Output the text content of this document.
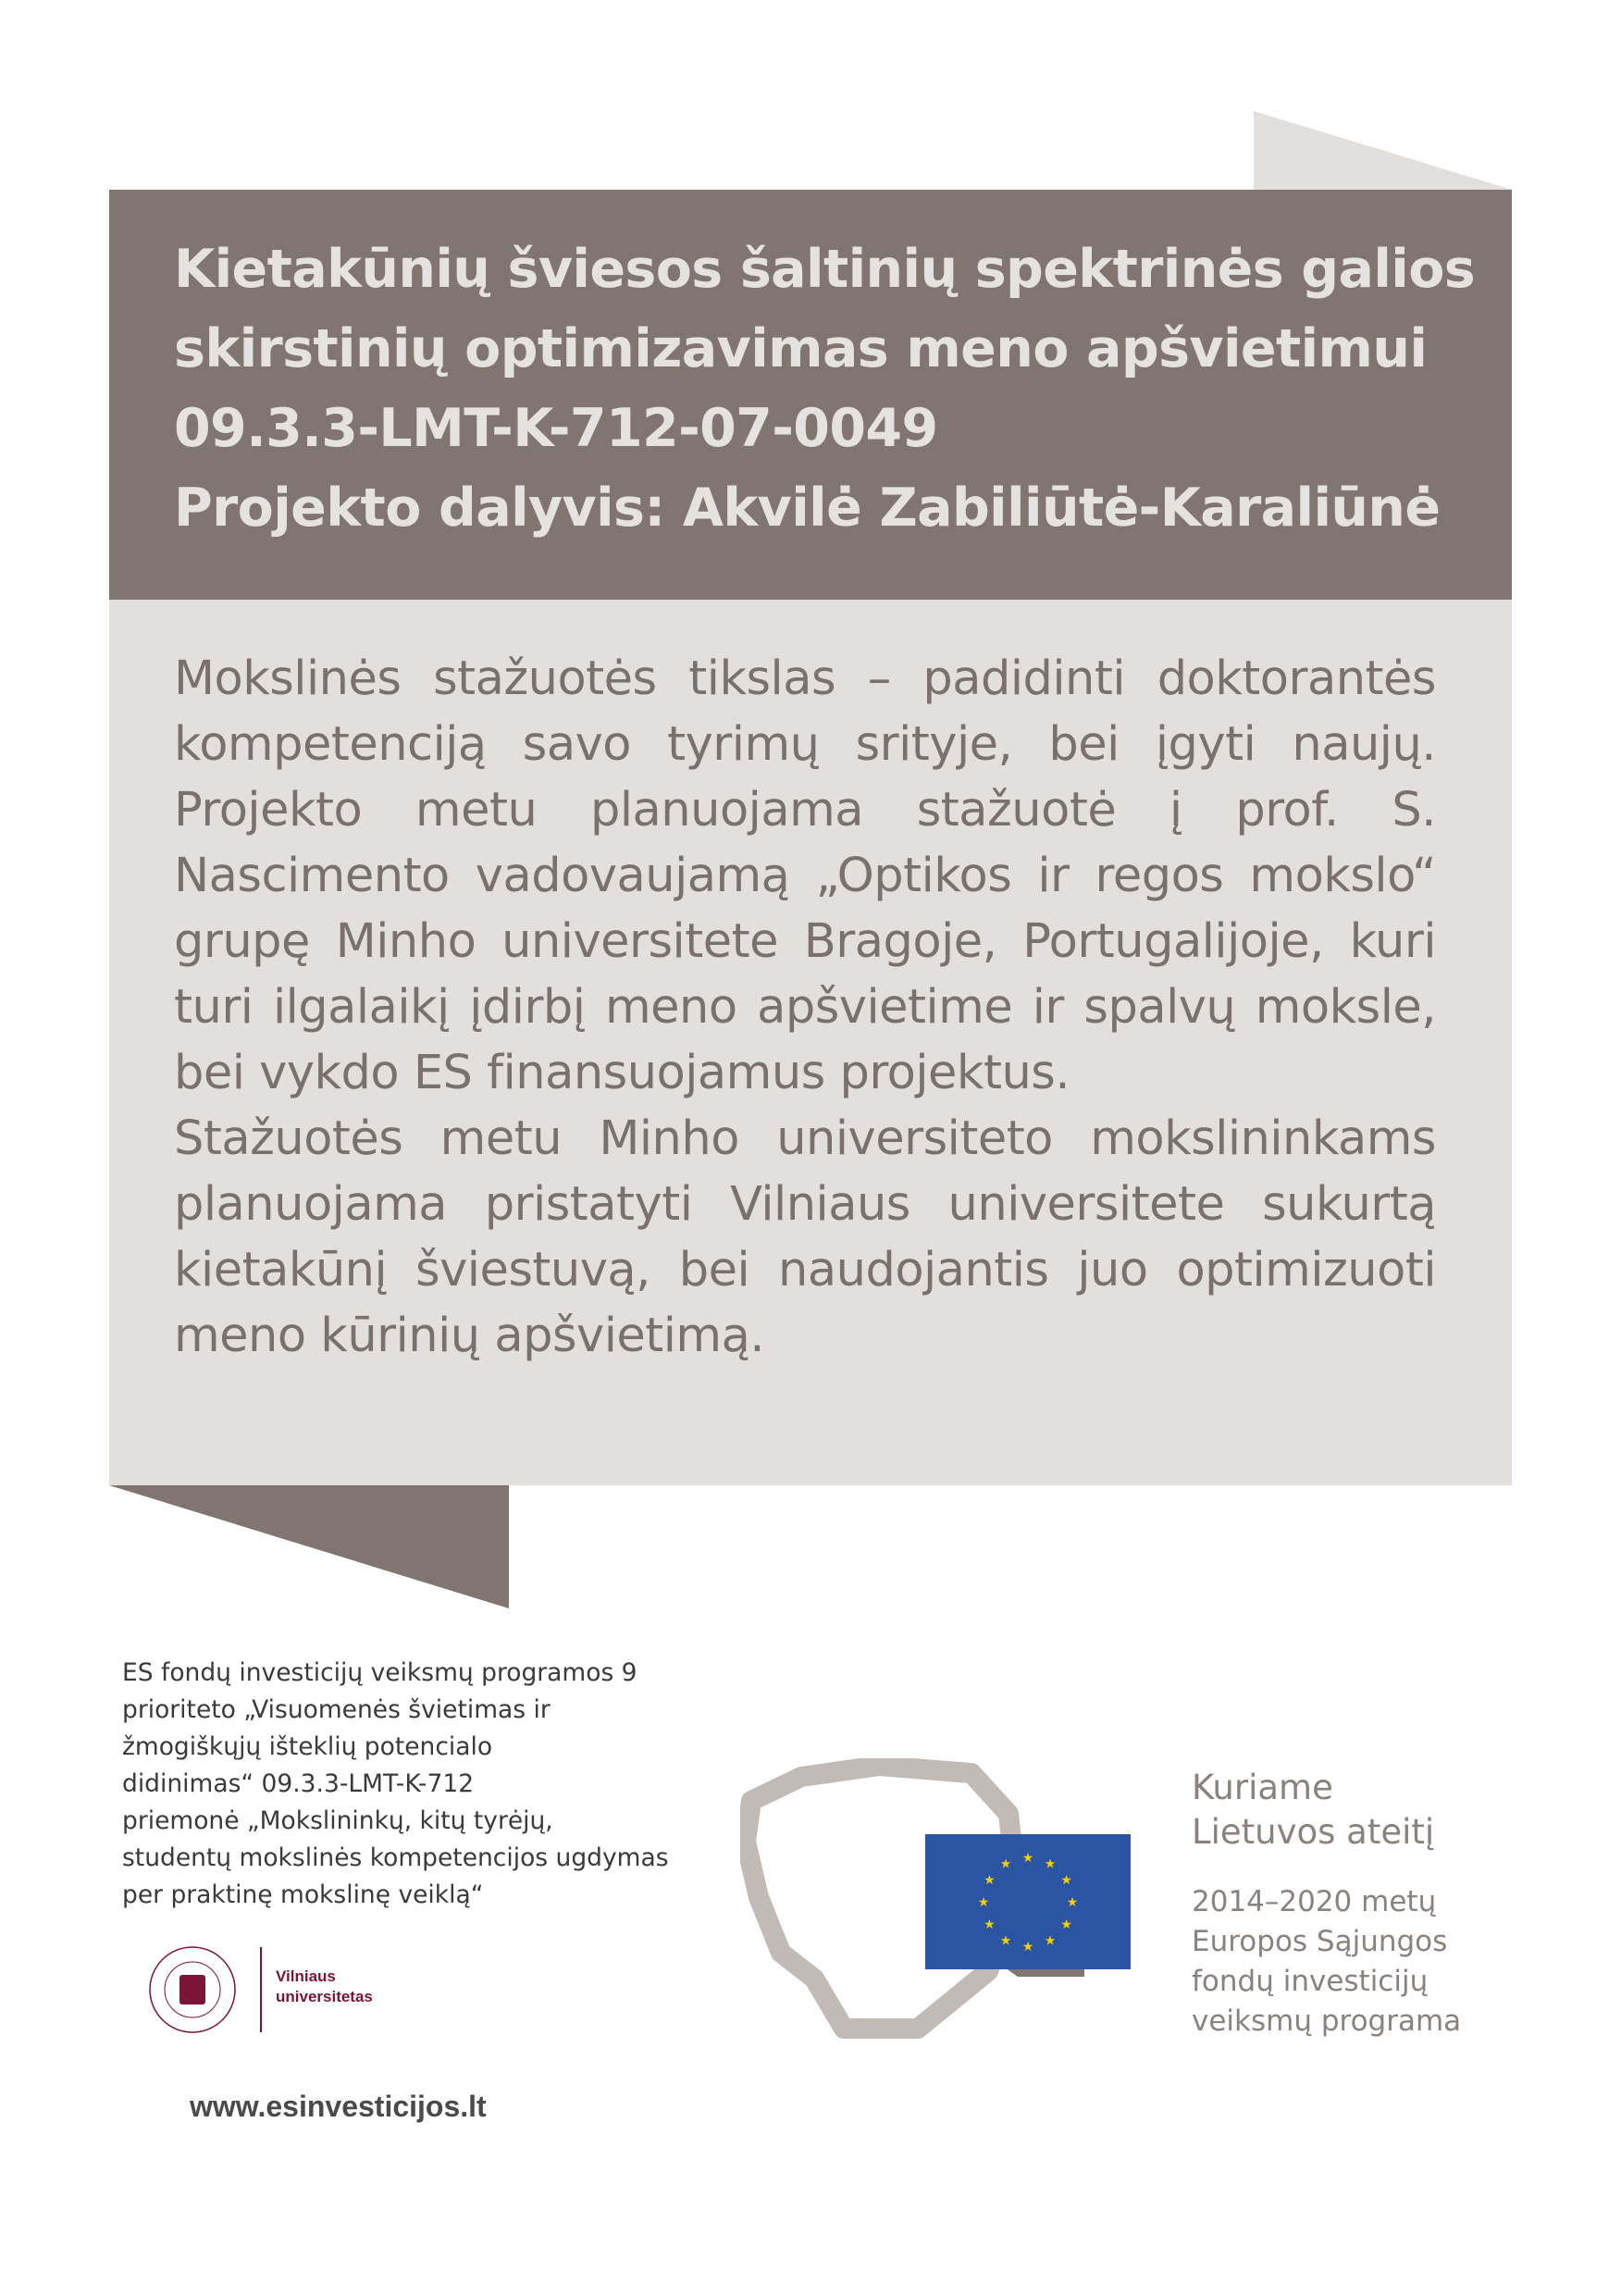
Kietakūnių šviesos šaltinių spektrinės galios
skirstinių optimizavimas meno apšvietimui
09.3.3-LMT-K-712-07-0049
Projekto dalyvis: Akvilė Zabiliūtė-Karaliūnė

Mokslinės stažuotės tikslas – padidinti doktorantės kompetenciją savo tyrimų srityje, bei įgyti naujų. Projekto metu planuojama stažuotė į prof. S. Nascimento vadovaujamą „Optikos ir regos mokslo“ grupę Minho universitete Bragoje, Portugalijoje, kuri turi ilgalaikį įdirbį meno apšvietime ir spalvų moksle, bei vykdo ES finansuojamus projektus.

Stažuotės metu Minho universiteto mokslininkams planuojama pristatyti Vilniaus universitete sukurtą kietakūnį šviestuvą, bei naudojantis juo optimizuoti meno kūrinių apšvietimą.

ES fondų investicijų veiksmų programos 9
prioriteto „Visuomenės švietimas ir
žmogiškųjų išteklių potencialo
didinimas“ 09.3.3-LMT-K-712
priemonė „Mokslininkų, kitų tyrėjų,
studentų mokslinės kompetencijos ugdymas
per praktinę mokslinę veiklą“
Vilniaus
universitetas
www.esinvesticijos.lt
★ ★
★
★
★
★
★
★
★
★
★
★
Kuriame
Lietuvos ateitį
2014–2020 metų
Europos Sąjungos
fondų investicijų
veiksmų programa
